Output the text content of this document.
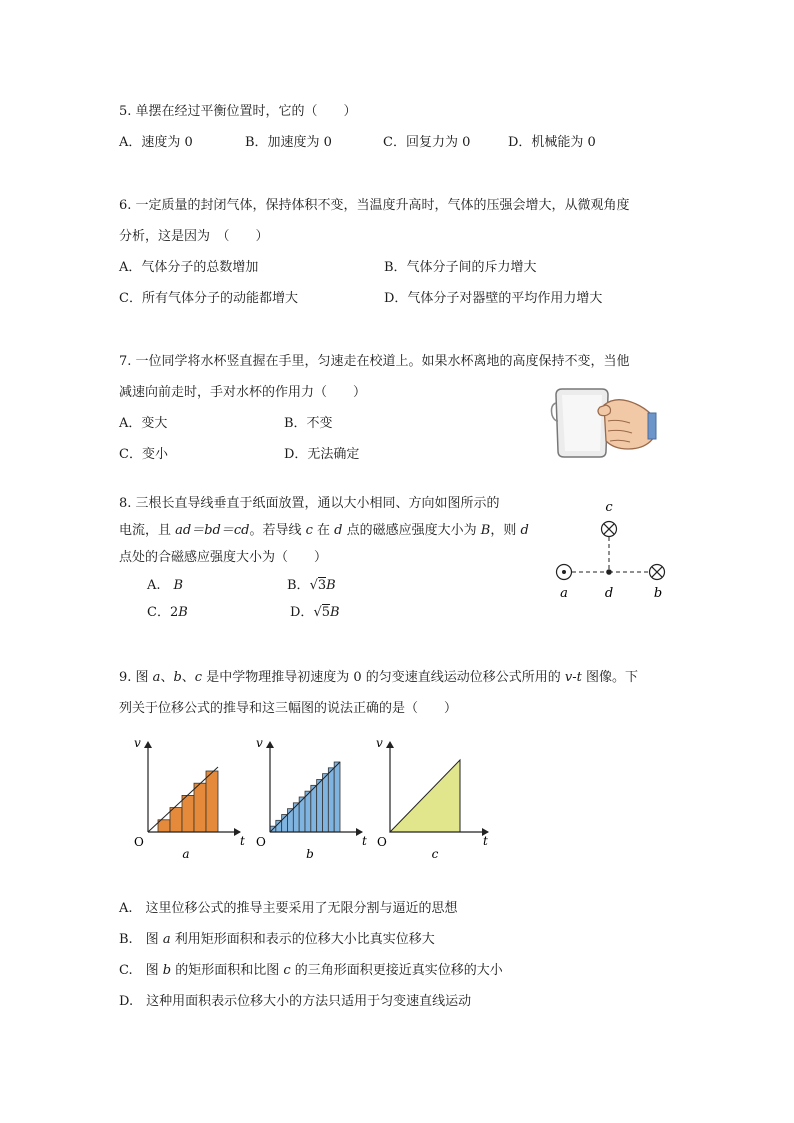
5. 单摆在经过平衡位置时，它的（　　）
A．速度为 0	B．加速度为 0	C．回复力为 0	D．机械能为 0
6. 一定质量的封闭气体，保持体积不变，当温度升高时，气体的压强会增大，从微观角度
分析，这是因为　（　　）
A．气体分子的总数增加	B．气体分子间的斥力增大
C．所有气体分子的动能都增大	D．气体分子对器壁的平均作用力增大
7. 一位同学将水杯竖直握在手里，匀速走在校道上。如果水杯离地的高度保持不变，当他
减速向前走时，手对水杯的作用力（　　）
A．变大	B．不变
C．变小	D．无法确定
8. 三根长直导线垂直于纸面放置，通以大小相同、方向如图所示的
电流，且 ad＝bd＝cd。若导线 c 在 d 点的磁感应强度大小为 B，则 d
点处的合磁感应强度大小为（　　）
A.　B	B．√3B
C．2B	D．√5B
c
a	d	b
9. 图 a、b、c 是中学物理推导初速度为 0 的匀变速直线运动位移公式所用的 v-t 图像。下
列关于位移公式的推导和这三幅图的说法正确的是（　　）
v
t
O
a
v
t
O
b
v
t
O
c
A.　这里位移公式的推导主要采用了无限分割与逼近的思想
B.　图 a 利用矩形面积和表示的位移大小比真实位移大
C.　图 b 的矩形面积和比图 c 的三角形面积更接近真实位移的大小
D.　这种用面积表示位移大小的方法只适用于匀变速直线运动
